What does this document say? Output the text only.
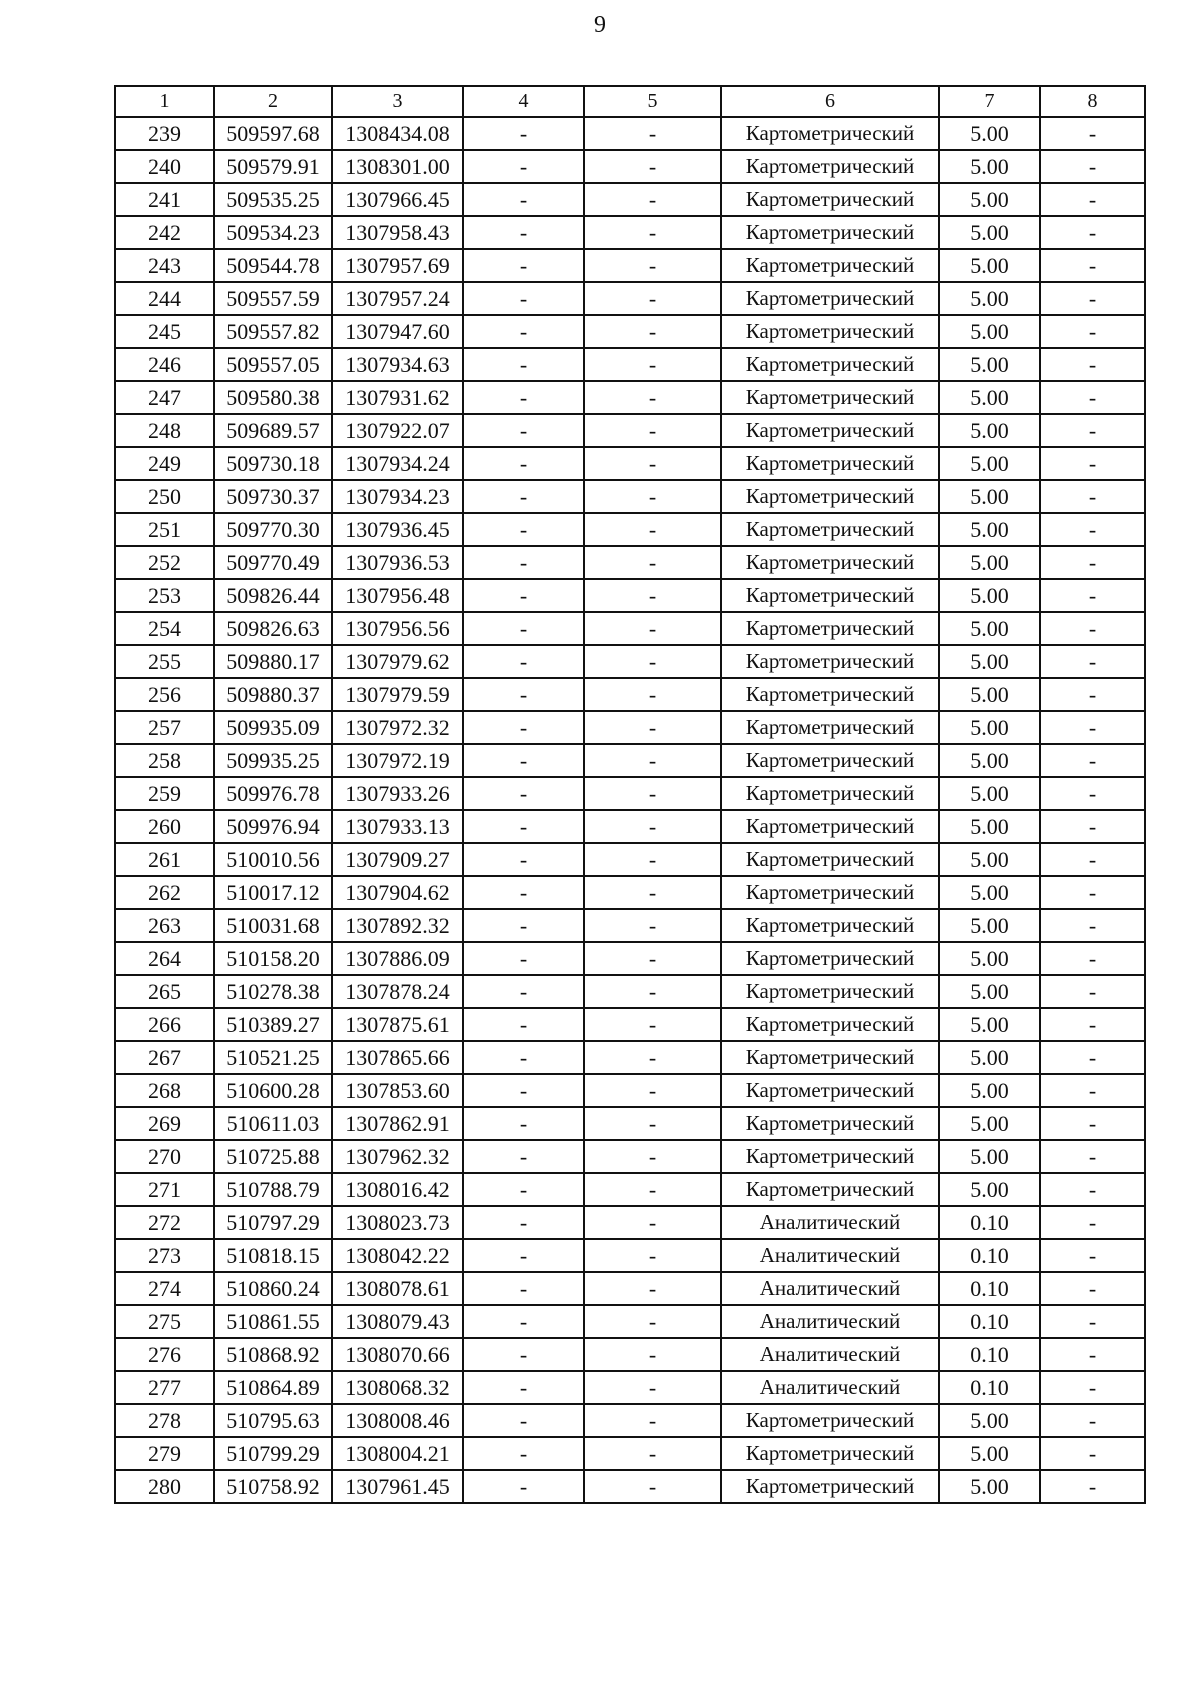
9
1	2	3	4	5	6	7	8
239	509597.68	1308434.08	-	-	Картометрический	5.00	-
240	509579.91	1308301.00	-	-	Картометрический	5.00	-
241	509535.25	1307966.45	-	-	Картометрический	5.00	-
242	509534.23	1307958.43	-	-	Картометрический	5.00	-
243	509544.78	1307957.69	-	-	Картометрический	5.00	-
244	509557.59	1307957.24	-	-	Картометрический	5.00	-
245	509557.82	1307947.60	-	-	Картометрический	5.00	-
246	509557.05	1307934.63	-	-	Картометрический	5.00	-
247	509580.38	1307931.62	-	-	Картометрический	5.00	-
248	509689.57	1307922.07	-	-	Картометрический	5.00	-
249	509730.18	1307934.24	-	-	Картометрический	5.00	-
250	509730.37	1307934.23	-	-	Картометрический	5.00	-
251	509770.30	1307936.45	-	-	Картометрический	5.00	-
252	509770.49	1307936.53	-	-	Картометрический	5.00	-
253	509826.44	1307956.48	-	-	Картометрический	5.00	-
254	509826.63	1307956.56	-	-	Картометрический	5.00	-
255	509880.17	1307979.62	-	-	Картометрический	5.00	-
256	509880.37	1307979.59	-	-	Картометрический	5.00	-
257	509935.09	1307972.32	-	-	Картометрический	5.00	-
258	509935.25	1307972.19	-	-	Картометрический	5.00	-
259	509976.78	1307933.26	-	-	Картометрический	5.00	-
260	509976.94	1307933.13	-	-	Картометрический	5.00	-
261	510010.56	1307909.27	-	-	Картометрический	5.00	-
262	510017.12	1307904.62	-	-	Картометрический	5.00	-
263	510031.68	1307892.32	-	-	Картометрический	5.00	-
264	510158.20	1307886.09	-	-	Картометрический	5.00	-
265	510278.38	1307878.24	-	-	Картометрический	5.00	-
266	510389.27	1307875.61	-	-	Картометрический	5.00	-
267	510521.25	1307865.66	-	-	Картометрический	5.00	-
268	510600.28	1307853.60	-	-	Картометрический	5.00	-
269	510611.03	1307862.91	-	-	Картометрический	5.00	-
270	510725.88	1307962.32	-	-	Картометрический	5.00	-
271	510788.79	1308016.42	-	-	Картометрический	5.00	-
272	510797.29	1308023.73	-	-	Аналитический	0.10	-
273	510818.15	1308042.22	-	-	Аналитический	0.10	-
274	510860.24	1308078.61	-	-	Аналитический	0.10	-
275	510861.55	1308079.43	-	-	Аналитический	0.10	-
276	510868.92	1308070.66	-	-	Аналитический	0.10	-
277	510864.89	1308068.32	-	-	Аналитический	0.10	-
278	510795.63	1308008.46	-	-	Картометрический	5.00	-
279	510799.29	1308004.21	-	-	Картометрический	5.00	-
280	510758.92	1307961.45	-	-	Картометрический	5.00	-
